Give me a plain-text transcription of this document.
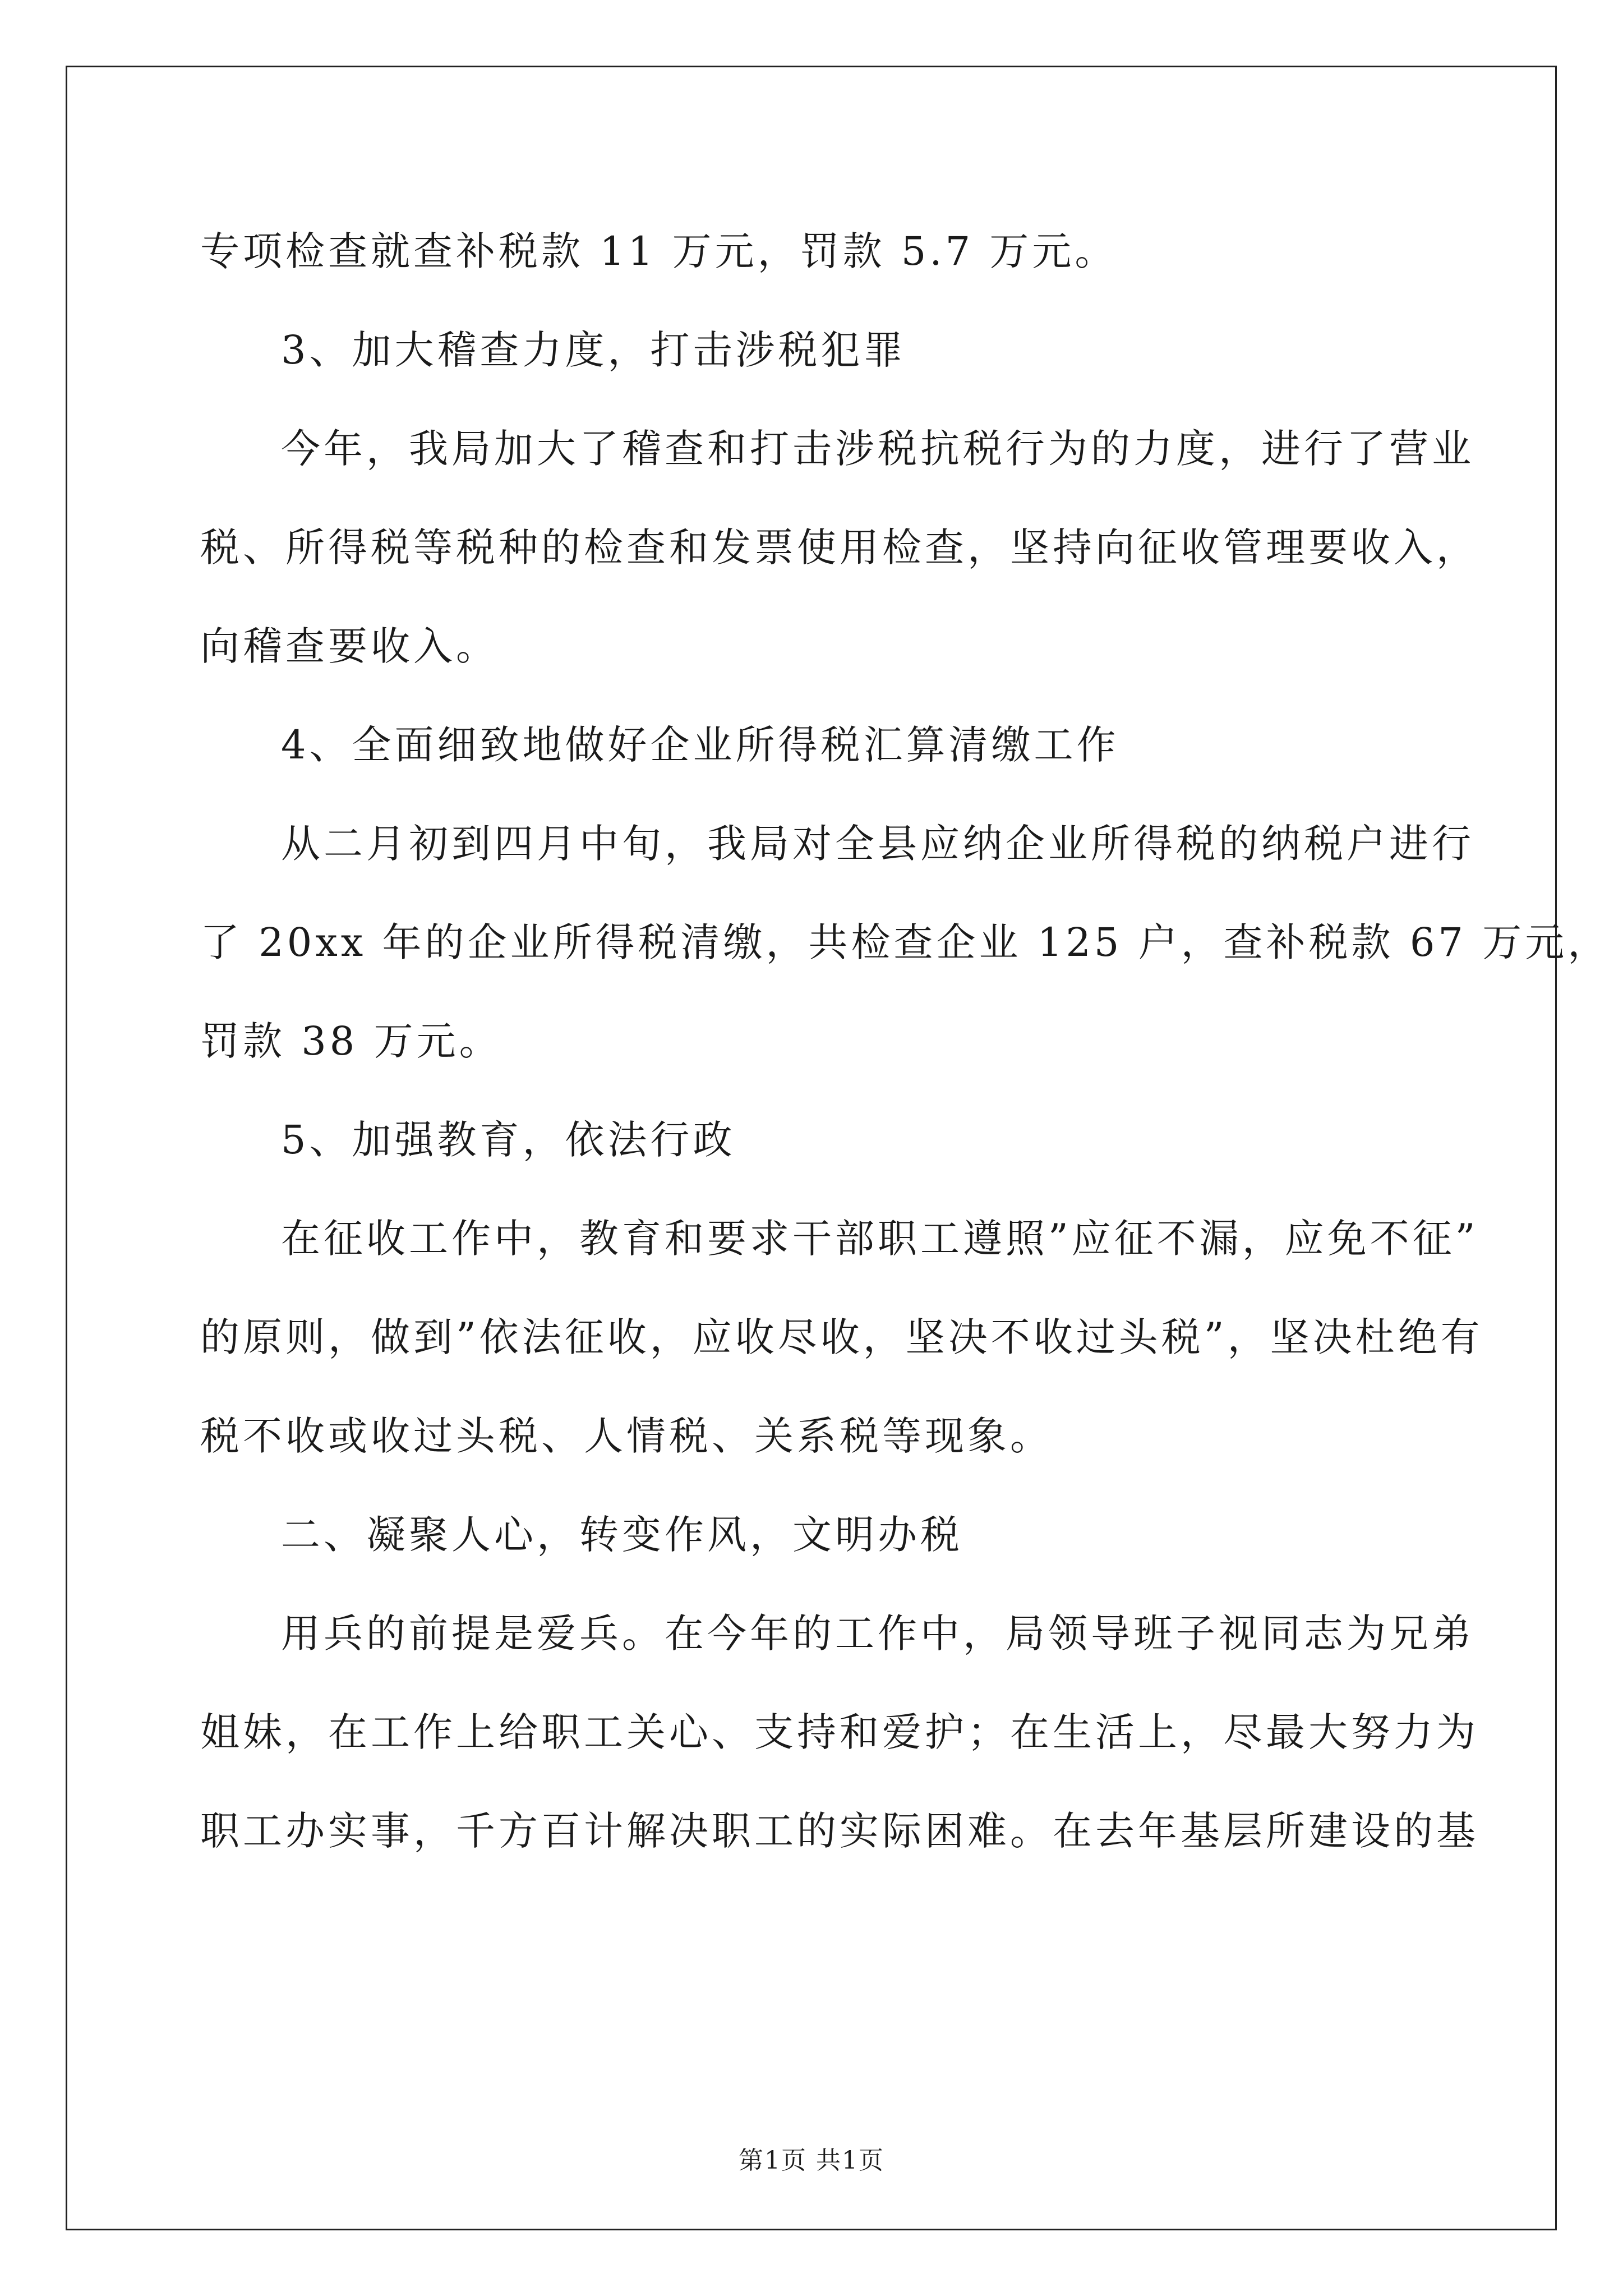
专项检查就查补税款 11 万元，罚款 5.7 万元。

3、加大稽查力度，打击涉税犯罪

今年，我局加大了稽查和打击涉税抗税行为的力度，进行了营业

税、所得税等税种的检查和发票使用检查，坚持向征收管理要收入，

向稽查要收入。

4、全面细致地做好企业所得税汇算清缴工作

从二月初到四月中旬，我局对全县应纳企业所得税的纳税户进行

了 20xx 年的企业所得税清缴，共检查企业 125 户，查补税款 67 万元，

罚款 38 万元。

5、加强教育，依法行政

在征收工作中，教育和要求干部职工遵照”应征不漏，应免不征”

的原则，做到”依法征收，应收尽收，坚决不收过头税”，坚决杜绝有

税不收或收过头税、人情税、关系税等现象。

二、凝聚人心，转变作风，文明办税

用兵的前提是爱兵。在今年的工作中，局领导班子视同志为兄弟

姐妹，在工作上给职工关心、支持和爱护；在生活上，尽最大努力为

职工办实事，千方百计解决职工的实际困难。在去年基层所建设的基

第1页 共1页
